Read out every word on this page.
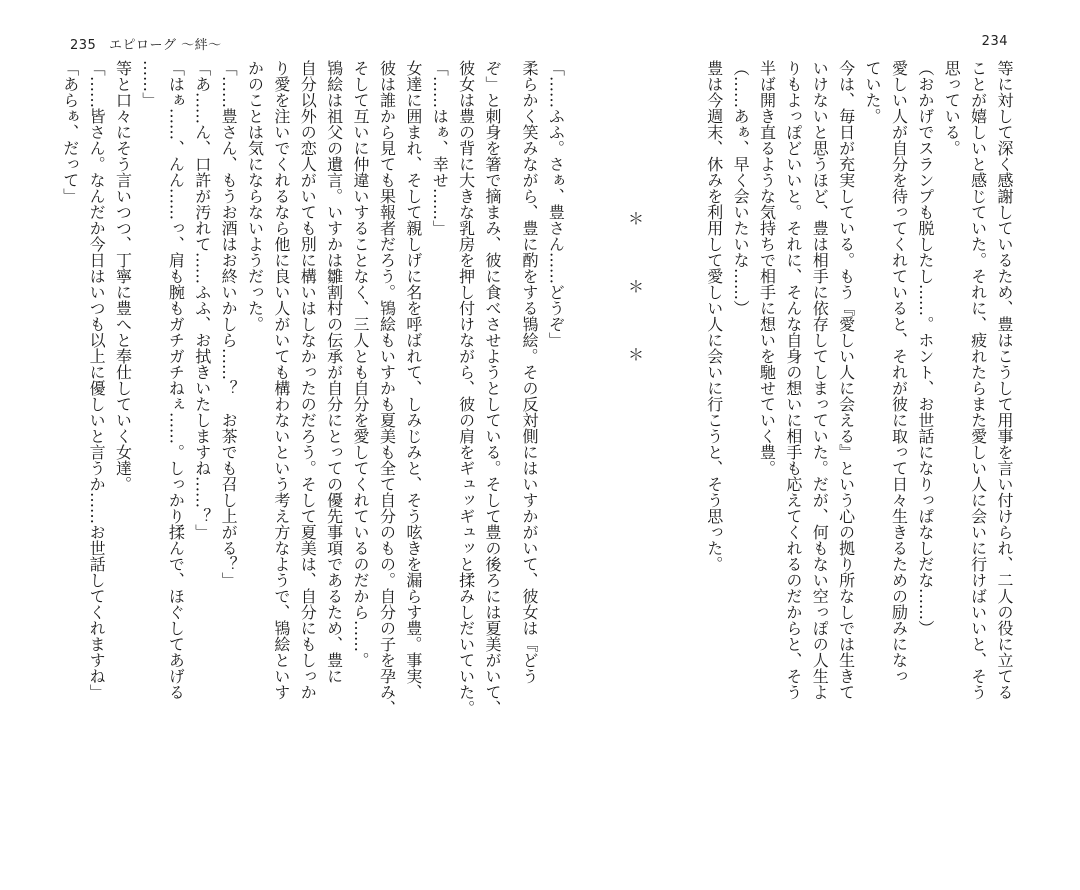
235 エピローグ 〜絆〜
ぞ」と刺身を箸で摘まみ、彼に食べさせようとしている。そして豊の後ろには夏美がいて、
彼女は豊の背に大きな乳房を押し付けながら、彼の肩をギュッギュッと揉みしだいていた。
「……はぁ、幸せ……」
女達に囲まれ、そして親しげに名を呼ばれて、しみじみと、そう呟きを漏らす豊。事実、
彼は誰から見ても果報者だろう。鴇絵もいすかも夏美も全て自分のもの。自分の子を孕み、
そして互いに仲違いすることなく、三人とも自分を愛してくれているのだから……。
鴇絵は祖父の遺言。いすかは雛割村の伝承が自分にとっての優先事項であるため、豊に
自分以外の恋人がいても別に構いはしなかったのだろう。そして夏美は、自分にもしっか
り愛を注いでくれるなら他に良い人がいても構わないという考え方なようで、鴇絵といす
かのことは気にならないようだった。
「……豊さん、もうお酒はお終いかしら……？　お茶でも召し上がる？」
「あ……ん、口許が汚れて……ふふ、お拭きいたしますね……？」
「はぁ……、んん……っ、肩も腕もガチガチねぇ……。しっかり揉んで、ほぐしてあげる
……」
等と口々にそう言いつつ、丁寧に豊へと奉仕していく女達。
「……皆さん。なんだか今日はいつも以上に優しいと言うか……お世話してくれますね」
「あらぁ、だって」
234
等に対して深く感謝しているため、豊はこうして用事を言い付けられ、二人の役に立てる
ことが嬉しいと感じていた。それに、疲れたらまた愛しい人に会いに行けばいいと、そう
思っている。
（おかげでスランプも脱したし……。ホント、お世話になりっぱなしだな……）
愛しい人が自分を待ってくれていると、それが彼に取って日々生きるための励みになっ
ていた。
今は、毎日が充実している。もう『愛しい人に会える』という心の拠り所なしでは生きて
いけないと思うほど、豊は相手に依存してしまっていた。だが、何もない空っぽの人生よ
りもよっぽどいいと。それに、そんな自身の想いに相手も応えてくれるのだからと、そう
半ば開き直るような気持ちで相手に想いを馳せていく豊。
（……あぁ、早く会いたいな……）
豊は今週末、休みを利用して愛しい人に会いに行こうと、そう思った。
＊　＊　＊
「……ふふ。さぁ、豊さん……どうぞ」
柔らかく笑みながら、豊に酌をする鴇絵。その反対側にはいすかがいて、彼女は『どう
